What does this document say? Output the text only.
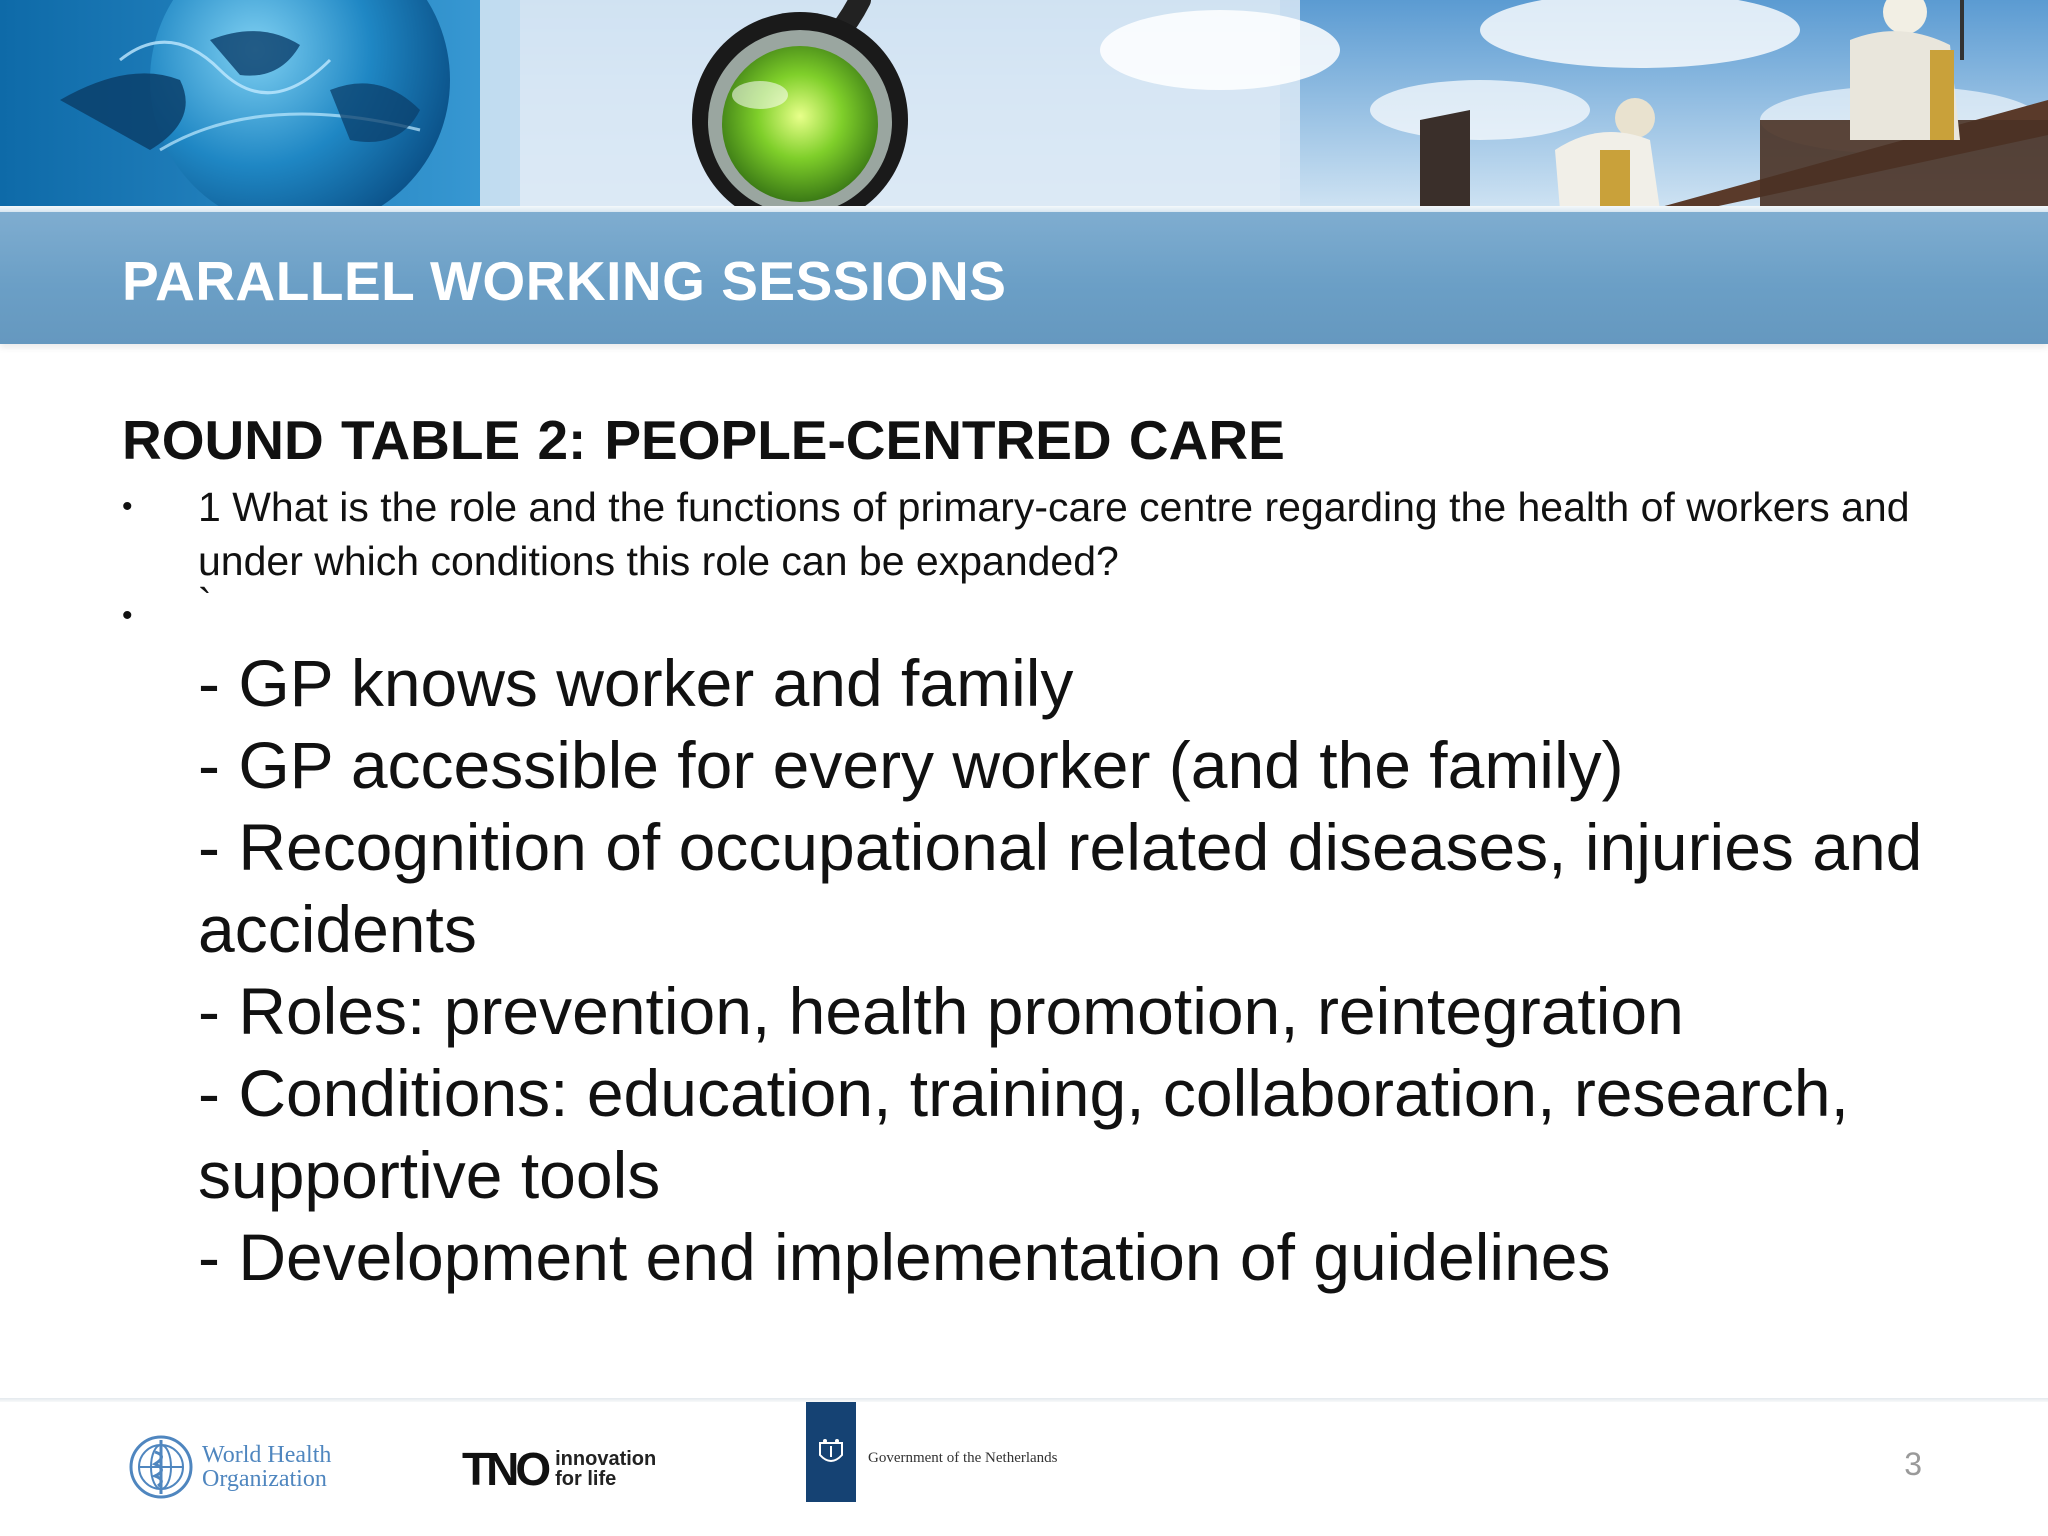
PARALLEL WORKING SESSIONS
ROUND TABLE 2: PEOPLE-CENTRED CARE
•	1 What is the role and the functions of primary-care centre regarding the health of workers and under which conditions this role can be expanded?
•	`
- GP knows worker and family
- GP accessible for every worker (and the family)
- Recognition of occupational related diseases, injuries and accidents
- Roles: prevention, health promotion, reintegration
- Conditions: education, training, collaboration, research, supportive tools
- Development end implementation of guidelines
World Health
Organization	TNO innovation
for life
Government of the Netherlands	3
